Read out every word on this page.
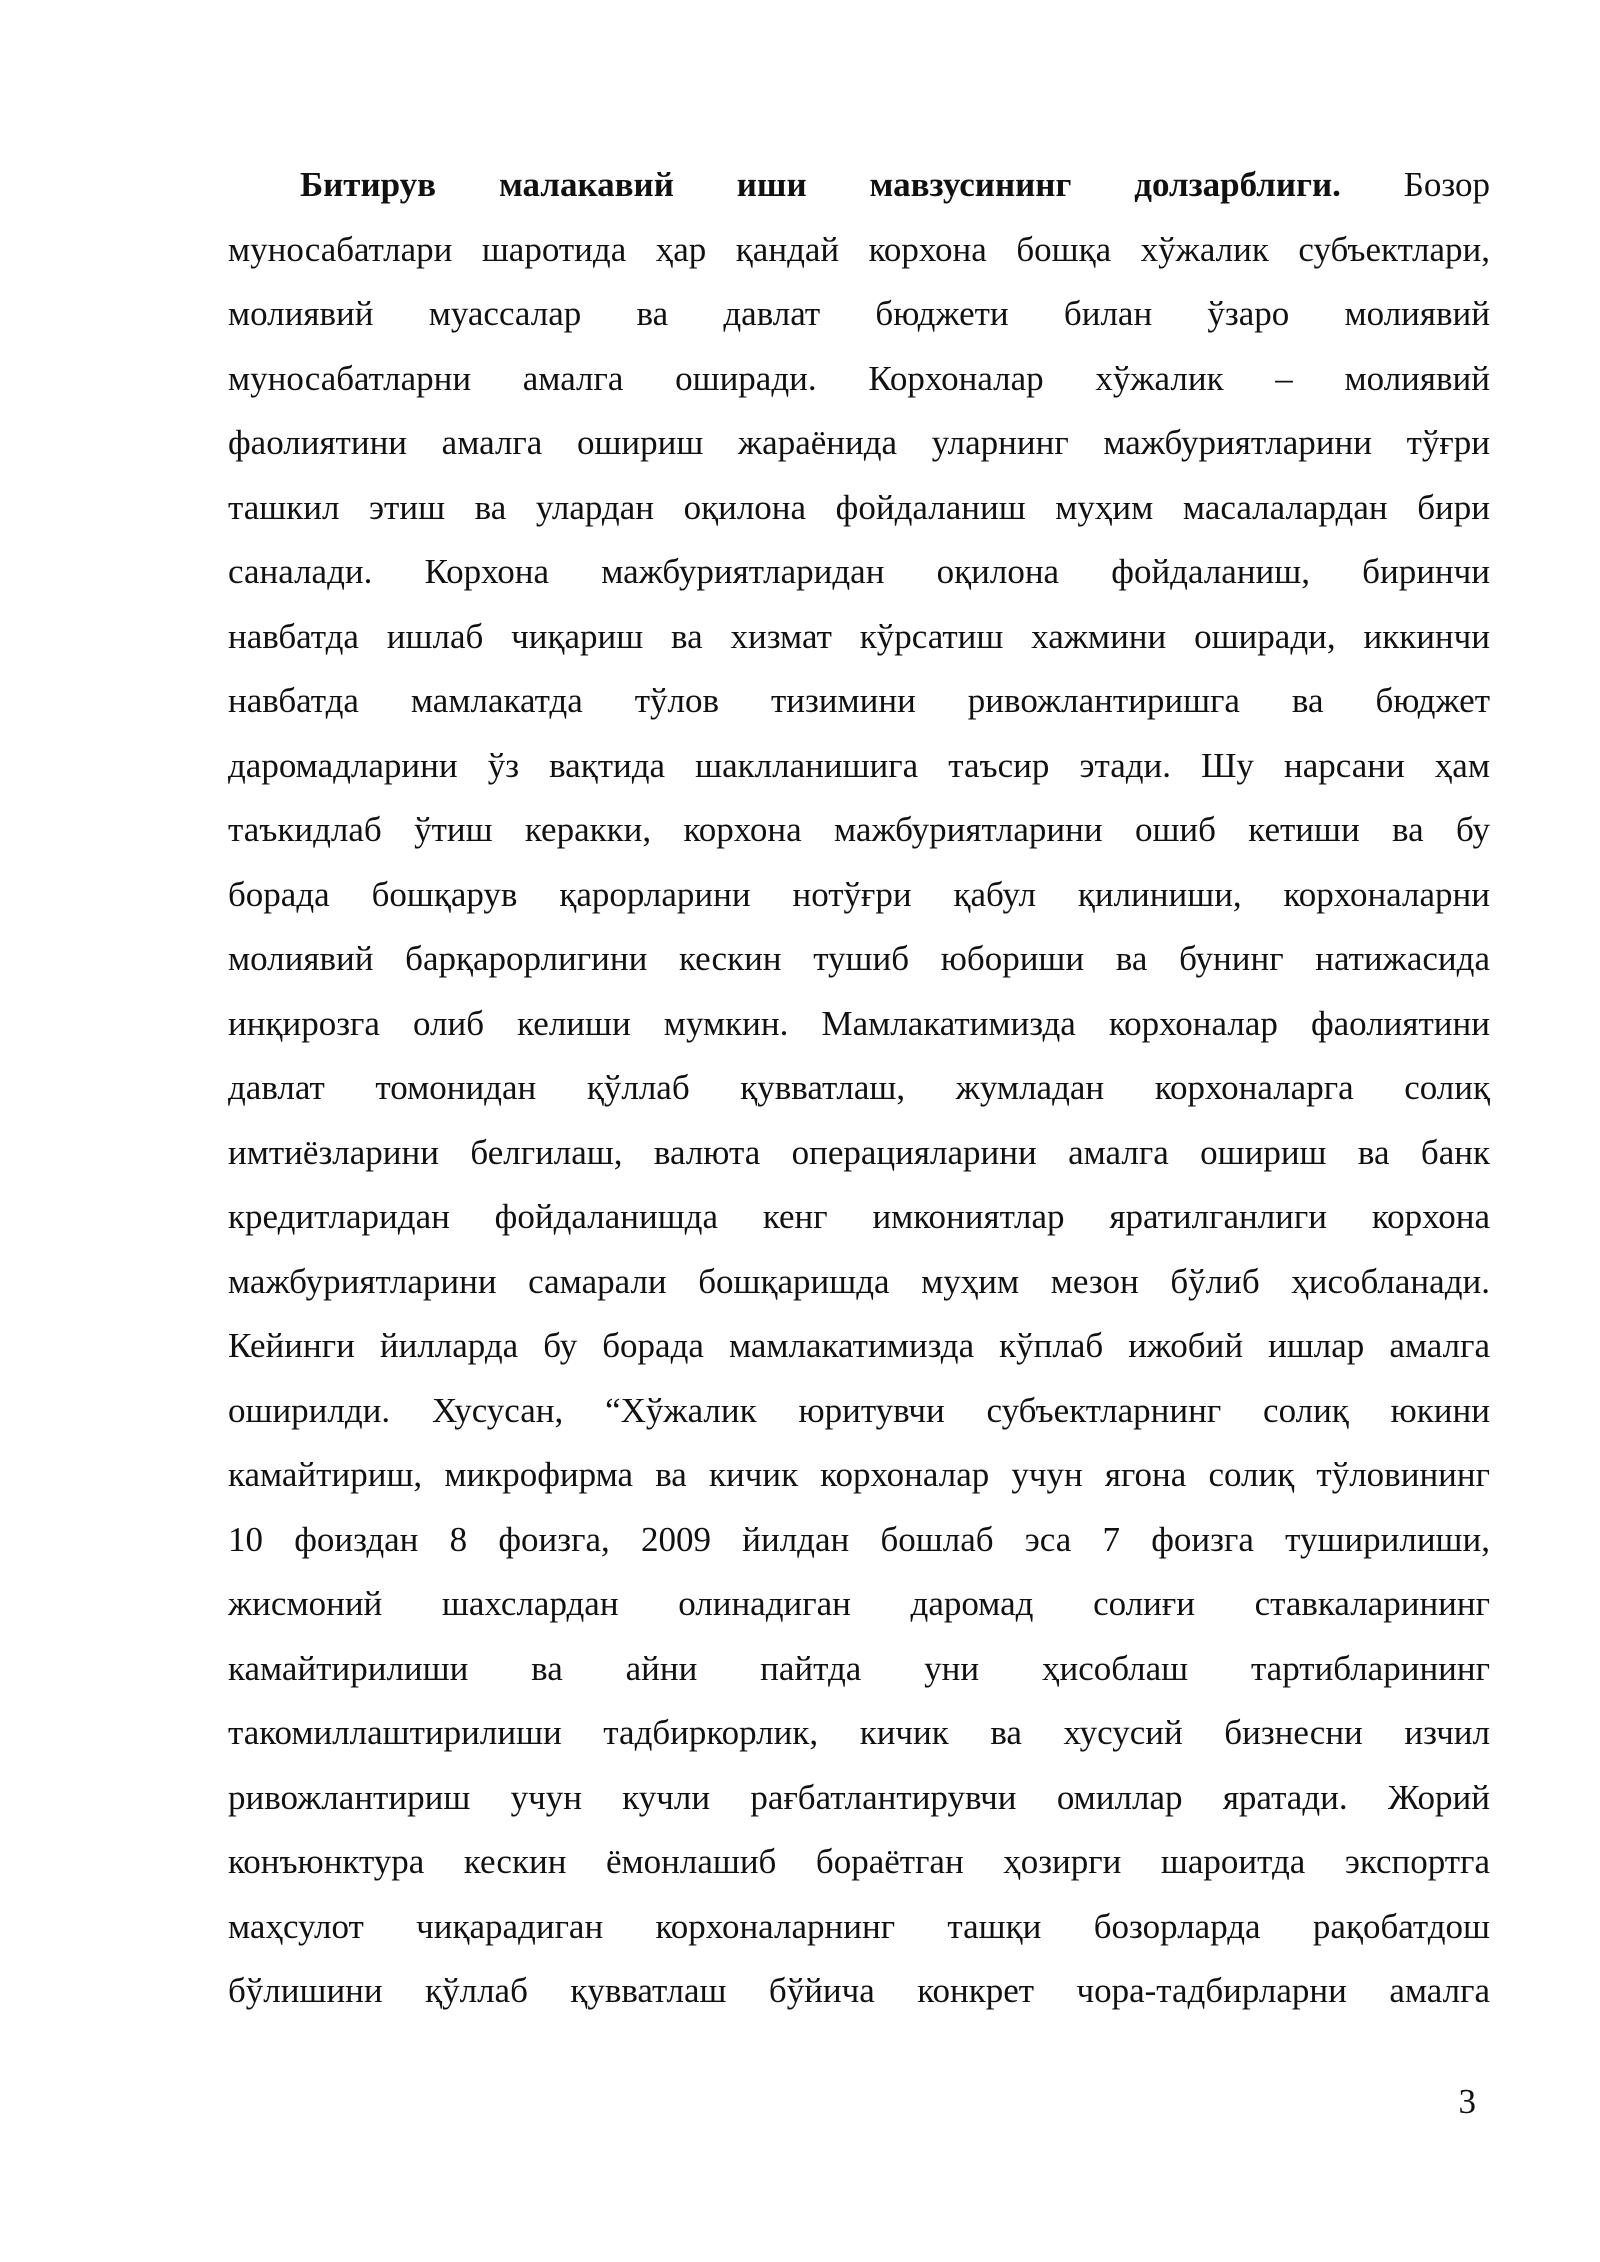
Битирув малакавий иши мавзусининг долзарблиги. Бозор
муносабатлари шаротида ҳар қандай корхона бошқа хўжалик субъектлари,
молиявий муассалар ва давлат бюджети билан ўзаро молиявий
муносабатларни амалга оширади. Корхоналар хўжалик – молиявий
фаолиятини амалга ошириш жараёнида уларнинг мажбуриятларини тўғри
ташкил этиш ва улардан оқилона фойдаланиш муҳим масалалардан бири
саналади. Корхона мажбуриятларидан оқилона фойдаланиш, биринчи
навбатда ишлаб чиқариш ва хизмат кўрсатиш хажмини оширади, иккинчи
навбатда мамлакатда тўлов тизимини ривожлантиришга ва бюджет
даромадларини ўз вақтида шаклланишига таъсир этади. Шу нарсани ҳам
таъкидлаб ўтиш керакки, корхона мажбуриятларини ошиб кетиши ва бу
борада бошқарув қарорларини нотўғри қабул қилиниши, корхоналарни
молиявий барқарорлигини кескин тушиб юбориши ва бунинг натижасида
инқирозга олиб келиши мумкин. Мамлакатимизда корхоналар фаолиятини
давлат томонидан қўллаб қувватлаш, жумладан корхоналарга солиқ
имтиёзларини белгилаш, валюта операцияларини амалга ошириш ва банк
кредитларидан фойдаланишда кенг имкониятлар яратилганлиги корхона
мажбуриятларини самарали бошқаришда муҳим мезон бўлиб ҳисобланади.
Кейинги йилларда бу борада мамлакатимизда кўплаб ижобий ишлар амалга
оширилди. Хусусан, “Хўжалик юритувчи субъектларнинг солиқ юкини
камайтириш, микрофирма ва кичик корхоналар учун ягона солиқ тўловининг
10 фоиздан 8 фоизга, 2009 йилдан бошлаб эса 7 фоизга туширилиши,
жисмоний шахслардан олинадиган даромад солиғи ставкаларининг
камайтирилиши ва айни пайтда уни ҳисоблаш тартибларининг
такомиллаштирилиши тадбиркорлик, кичик ва хусусий бизнесни изчил
ривожлантириш учун кучли рағбатлантирувчи омиллар яратади. Жорий
конъюнктура кескин ёмонлашиб бораётган ҳозирги шароитда экспортга
маҳсулот чиқарадиган корхоналарнинг ташқи бозорларда рақобатдош
бўлишини қўллаб қувватлаш бўйича конкрет чора-тадбирларни амалга
3
